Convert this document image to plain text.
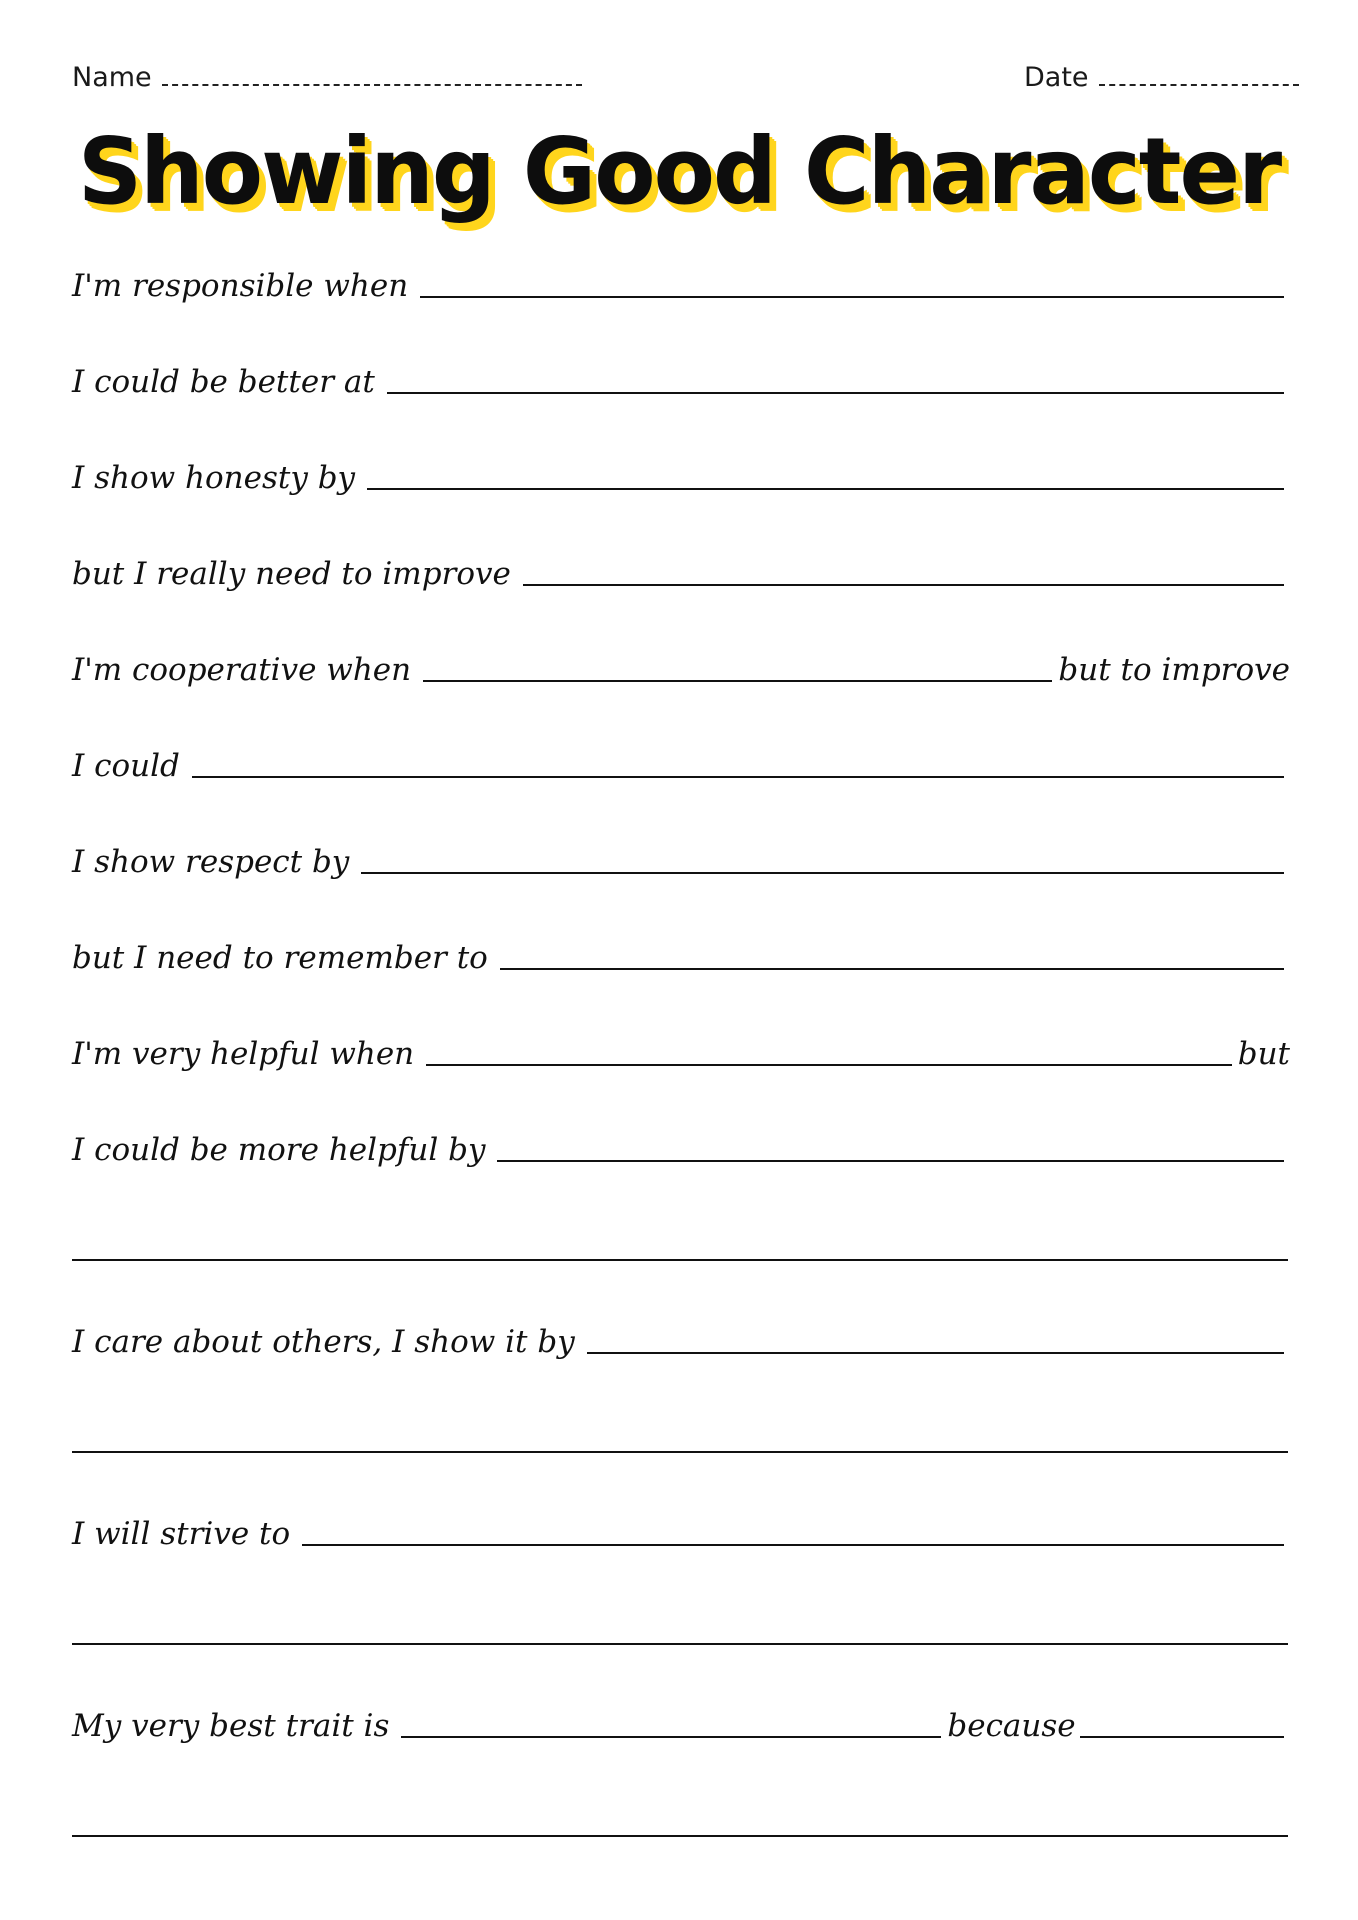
Name	Date
Showing Good Character
I'm responsible when
I could be better at
I show honesty by
but I really need to improve
I'm cooperative when	but to improve
I could
I show respect by
but I need to remember to
I'm very helpful when	but
I could be more helpful by
I care about others, I show it by
I will strive to
My very best trait is	because
